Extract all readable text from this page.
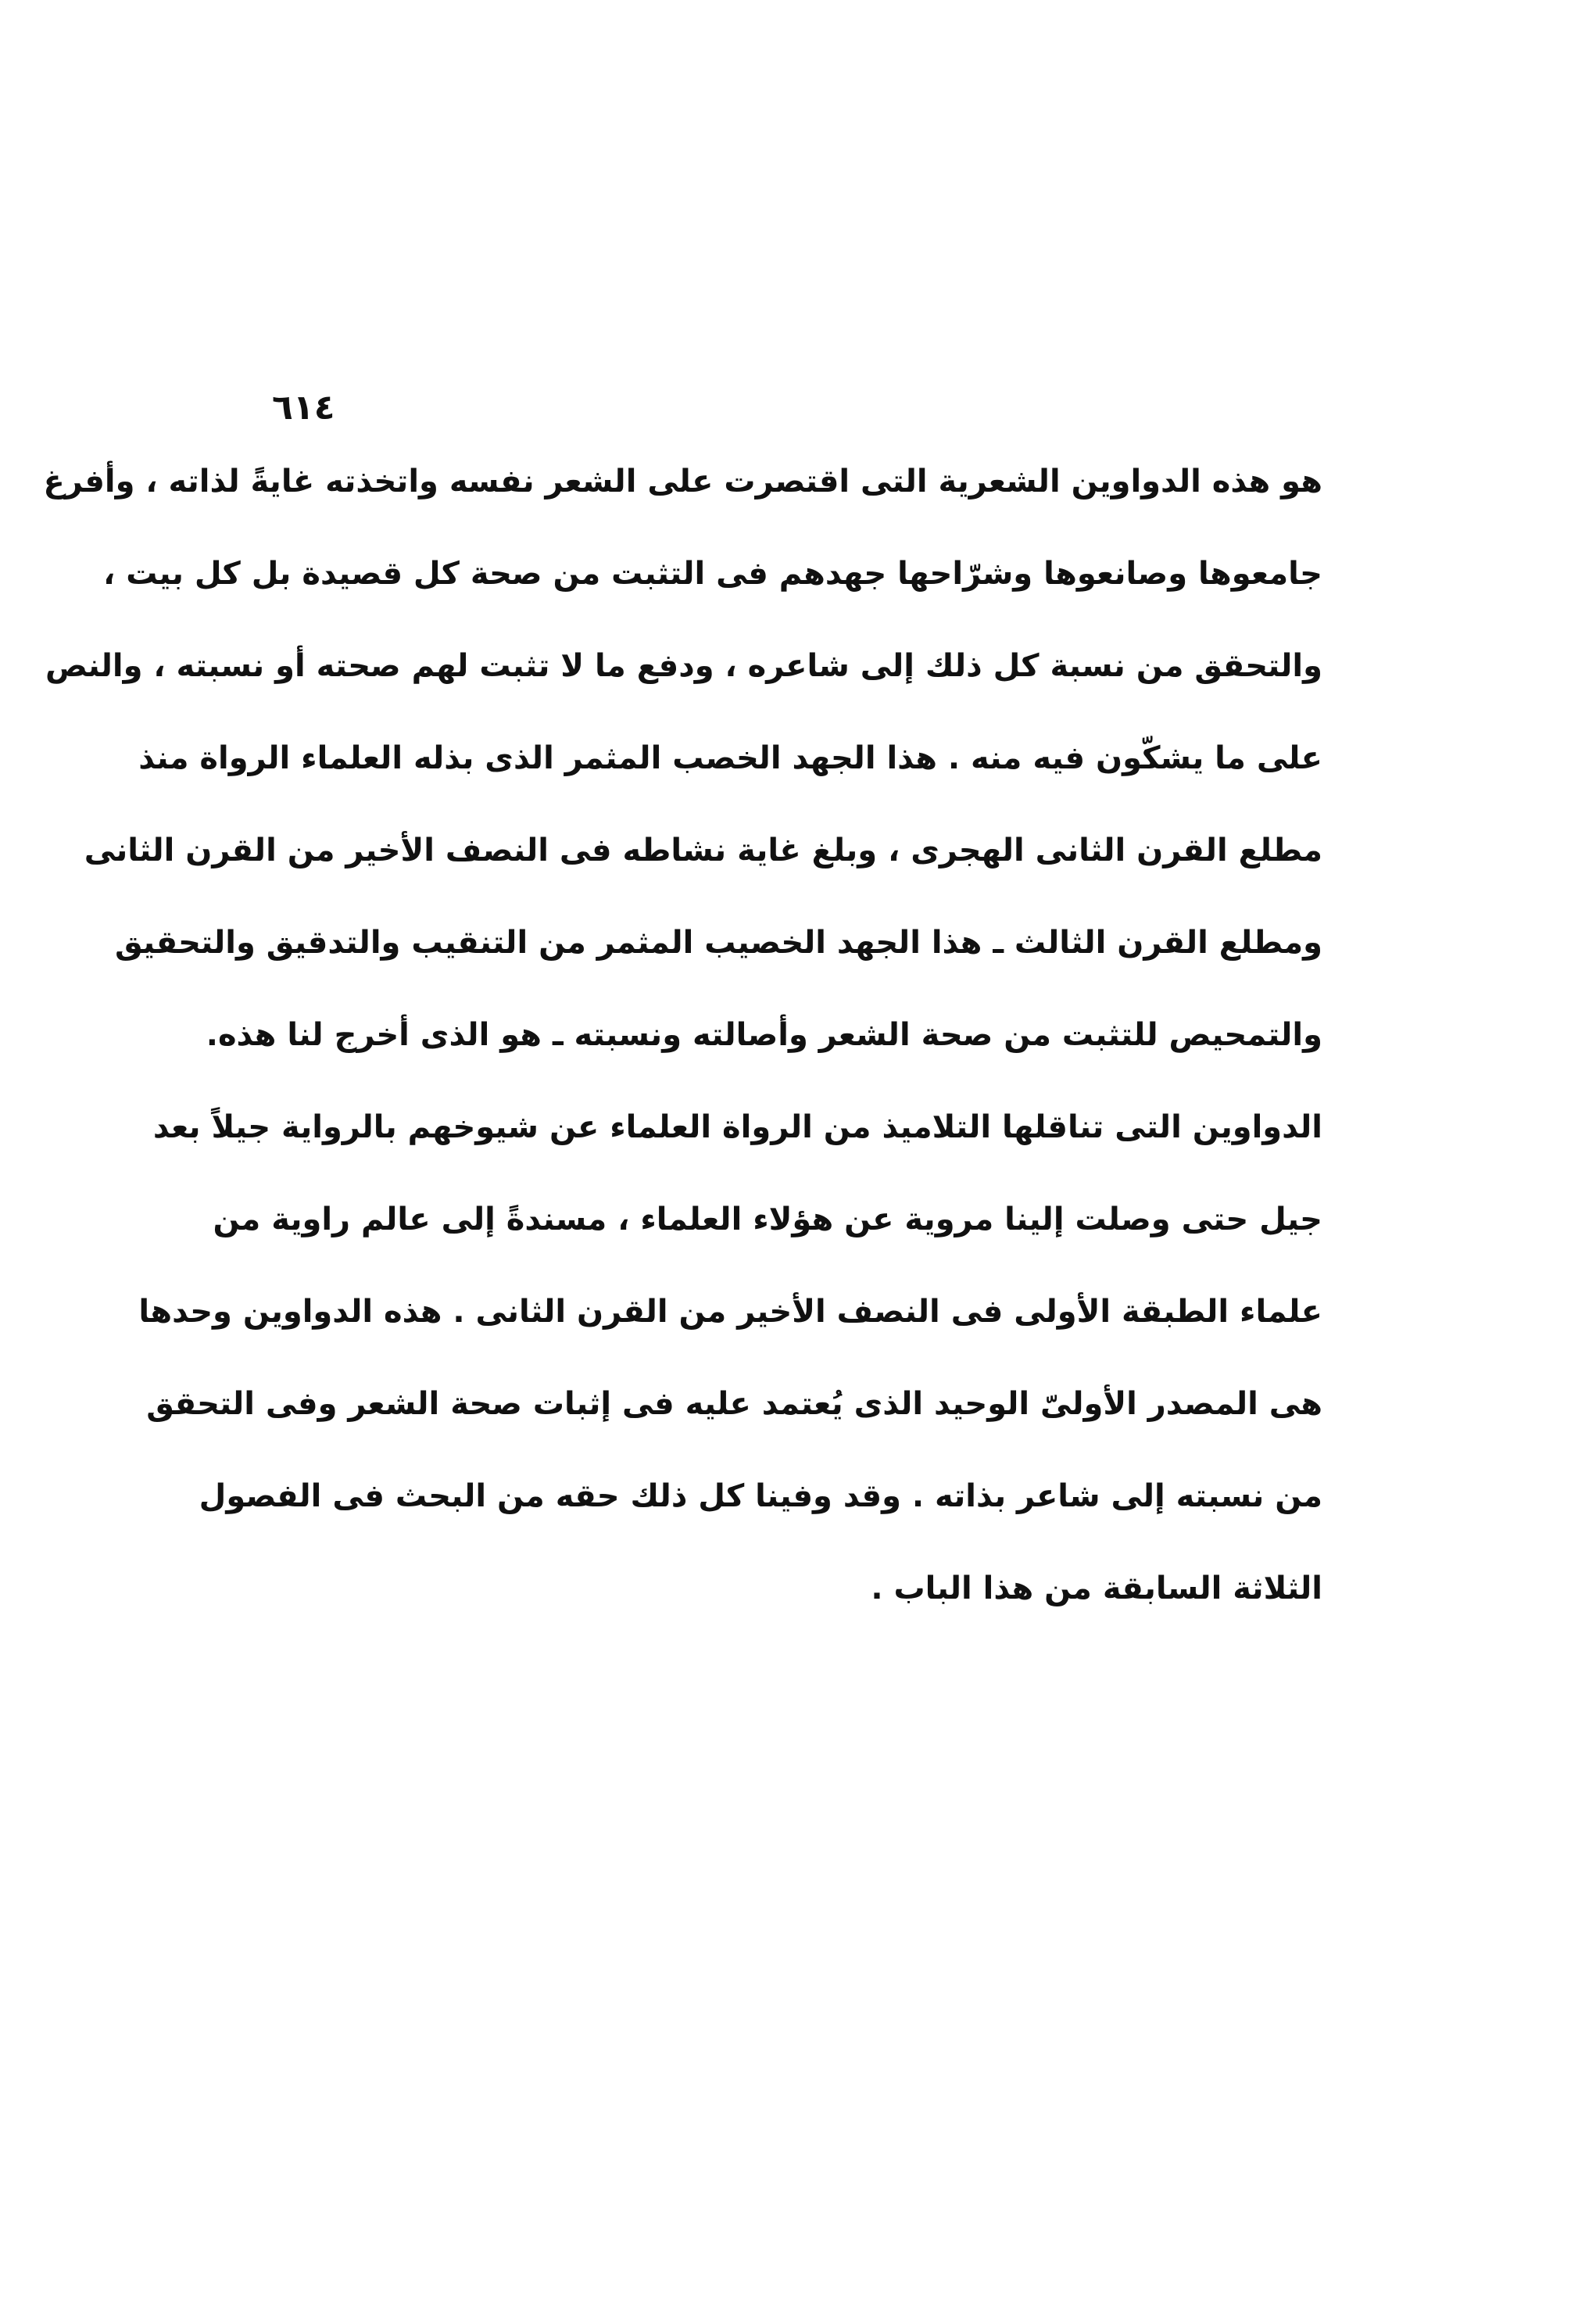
٦١٤
هو هذه الدواوين الشعرية التى اقتصرت على الشعر نفسه واتخذته غايةً لذاته ، وأفرغ
جامعوها وصانعوها وشرّاحها جهدهم فى التثبت من صحة كل قصيدة بل كل بيت ،
والتحقق من نسبة كل ذلك إلى شاعره ، ودفع ما لا تثبت لهم صحته أو نسبته ، والنص
على ما يشكّون فيه منه . هذا الجهد الخصب المثمر الذى بذله العلماء الرواة منذ
مطلع القرن الثانى الهجرى ، وبلغ غاية نشاطه فى النصف الأخير من القرن الثانى
ومطلع القرن الثالث ـ هذا الجهد الخصيب المثمر من التنقيب والتدقيق والتحقيق
والتمحيص للتثبت من صحة الشعر وأصالته ونسبته ـ هو الذى أخرج لنا هذه.
الدواوين التى تناقلها التلاميذ من الرواة العلماء عن شيوخهم بالرواية جيلاً بعد
جيل حتى وصلت إلينا مروية عن هؤلاء العلماء ، مسندةً إلى عالم راوية من
علماء الطبقة الأولى فى النصف الأخير من القرن الثانى . هذه الدواوين وحدها
هى المصدر الأولىّ الوحيد الذى يُعتمد عليه فى إثبات صحة الشعر وفى التحقق
من نسبته إلى شاعر بذاته . وقد وفينا كل ذلك حقه من البحث فى الفصول
الثلاثة السابقة من هذا الباب .
